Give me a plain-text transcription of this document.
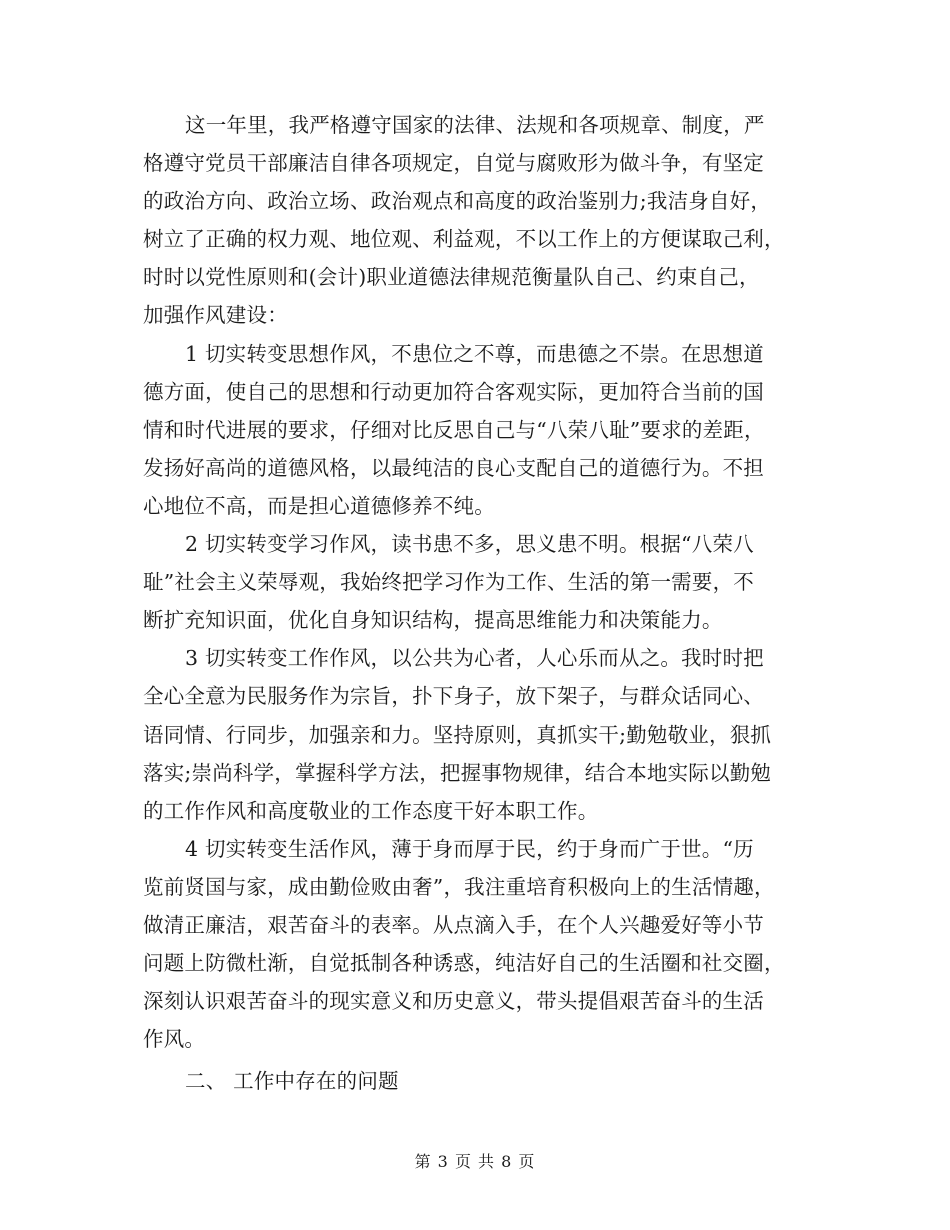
这一年里，我严格遵守国家的法律、法规和各项规章、制度，严
格遵守党员干部廉洁自律各项规定，自觉与腐败形为做斗争，有坚定
的政治方向、政治立场、政治观点和高度的政治鉴别力;我洁身自好，
树立了正确的权力观、地位观、利益观，不以工作上的方便谋取己利，
时时以党性原则和(会计)职业道德法律规范衡量队自己、约束自己，
加强作风建设：
1 切实转变思想作风，不患位之不尊，而患德之不崇。在思想道
德方面，使自己的思想和行动更加符合客观实际，更加符合当前的国
情和时代进展的要求，仔细对比反思自己与“八荣八耻”要求的差距，
发扬好高尚的道德风格，以最纯洁的良心支配自己的道德行为。不担
心地位不高，而是担心道德修养不纯。
2 切实转变学习作风，读书患不多，思义患不明。根据“八荣八
耻”社会主义荣辱观，我始终把学习作为工作、生活的第一需要，不
断扩充知识面，优化自身知识结构，提高思维能力和决策能力。
3 切实转变工作作风，以公共为心者，人心乐而从之。我时时把
全心全意为民服务作为宗旨，扑下身子，放下架子，与群众话同心、
语同情、行同步，加强亲和力。坚持原则，真抓实干;勤勉敬业，狠抓
落实;崇尚科学，掌握科学方法，把握事物规律，结合本地实际以勤勉
的工作作风和高度敬业的工作态度干好本职工作。
4 切实转变生活作风，薄于身而厚于民，约于身而广于世。“历
览前贤国与家，成由勤俭败由奢”，我注重培育积极向上的生活情趣，
做清正廉洁，艰苦奋斗的表率。从点滴入手，在个人兴趣爱好等小节
问题上防微杜渐，自觉抵制各种诱惑，纯洁好自己的生活圈和社交圈，
深刻认识艰苦奋斗的现实意义和历史意义，带头提倡艰苦奋斗的生活
作风。
二、 工作中存在的问题
第 3 页 共 8 页
